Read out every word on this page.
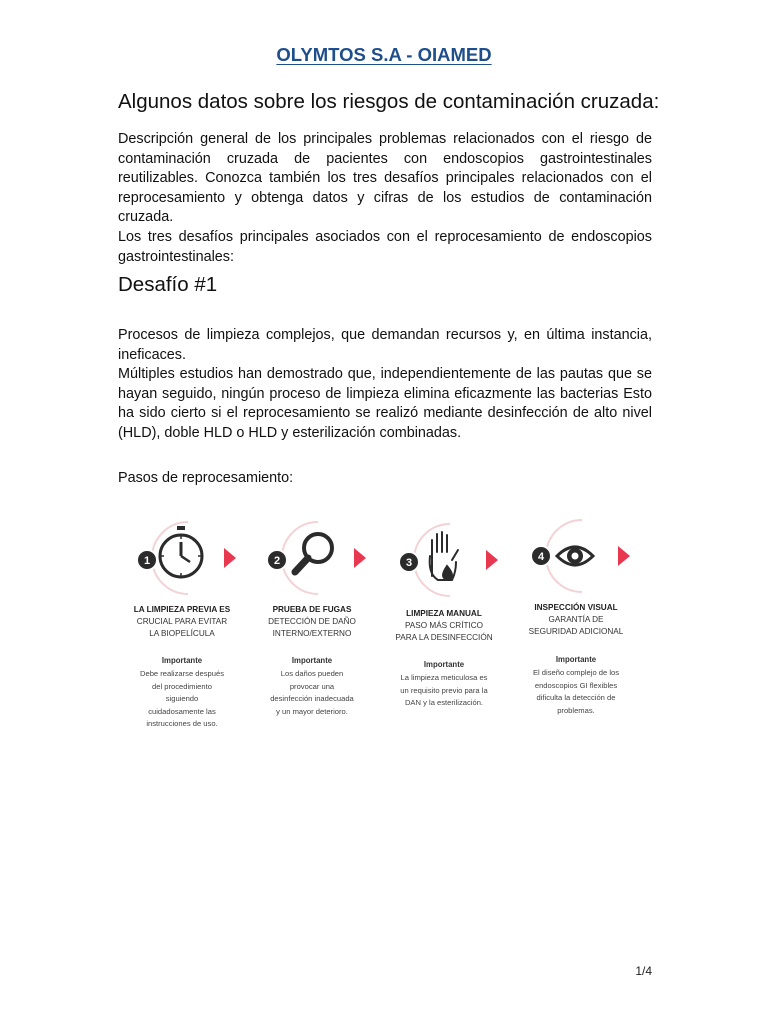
OLYMTOS S.A - OIAMED
Algunos datos sobre los riesgos de contaminación cruzada:

Descripción general de los principales problemas relacionados con el riesgo de contaminación cruzada de pacientes con endoscopios gastrointestinales reutilizables. Conozca también los tres desafíos principales relacionados con el reprocesamiento y obtenga datos y cifras de los estudios de contaminación cruzada.

Los tres desafíos principales asociados con el reprocesamiento de endoscopios gastrointestinales:

Desafío #1

Procesos de limpieza complejos, que demandan recursos y, en última instancia, ineficaces.

Múltiples estudios han demostrado que, independientemente de las pautas que se hayan seguido, ningún proceso de limpieza elimina eficazmente las bacterias Esto ha sido cierto si el reprocesamiento se realizó mediante desinfección de alto nivel (HLD), doble HLD o HLD y esterilización combinadas.

Pasos de reprocesamiento:
1
LA LIMPIEZA PREVIA ES
CRUCIAL PARA EVITAR
LA BIOPELÍCULA
Importante
Debe realizarse después
del procedimiento
siguiendo
cuidadosamente las
instrucciones de uso.
2
PRUEBA DE FUGAS
DETECCIÓN DE DAÑO
INTERNO/EXTERNO
Importante
Los daños pueden
provocar una
desinfección inadecuada
y un mayor deterioro.
3
LIMPIEZA MANUAL
PASO MÁS CRÍTICO
PARA LA DESINFECCIÓN
Importante
La limpieza meticulosa es
un requisito previo para la
DAN y la esterilización.
4
INSPECCIÓN VISUAL
GARANTÍA DE
SEGURIDAD ADICIONAL
Importante
El diseño complejo de los
endoscopios GI flexibles
dificulta la detección de
problemas.
1/4
